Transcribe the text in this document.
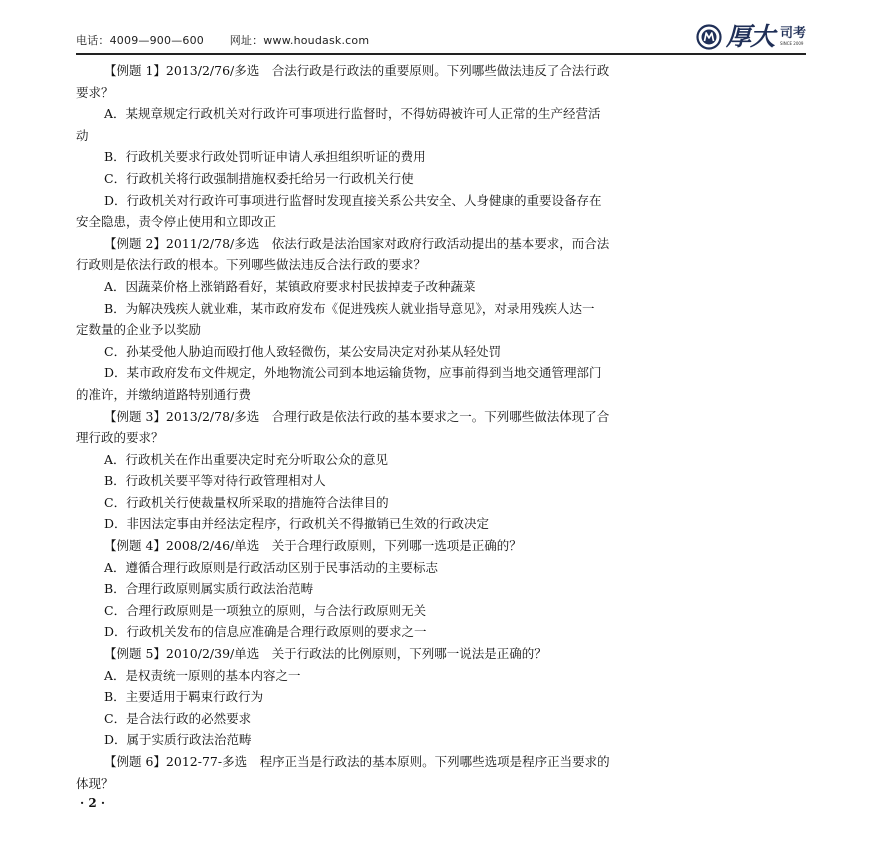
电话：4009—900—600 网址：www.houdask.com	厚大 司考
SINCE 2009
【例题 1】2013/2/76/多选　合法行政是行政法的重要原则。下列哪些做法违反了合法行政
要求？
A．某规章规定行政机关对行政许可事项进行监督时，不得妨碍被许可人正常的生产经营活
动
B．行政机关要求行政处罚听证申请人承担组织听证的费用
C．行政机关将行政强制措施权委托给另一行政机关行使
D．行政机关对行政许可事项进行监督时发现直接关系公共安全、人身健康的重要设备存在
安全隐患，责令停止使用和立即改正
【例题 2】2011/2/78/多选　依法行政是法治国家对政府行政活动提出的基本要求，而合法
行政则是依法行政的根本。下列哪些做法违反合法行政的要求？
A．因蔬菜价格上涨销路看好，某镇政府要求村民拔掉麦子改种蔬菜
B．为解决残疾人就业难，某市政府发布《促进残疾人就业指导意见》，对录用残疾人达一
定数量的企业予以奖励
C．孙某受他人胁迫而殴打他人致轻微伤，某公安局决定对孙某从轻处罚
D．某市政府发布文件规定，外地物流公司到本地运输货物，应事前得到当地交通管理部门
的准许，并缴纳道路特别通行费
【例题 3】2013/2/78/多选　合理行政是依法行政的基本要求之一。下列哪些做法体现了合
理行政的要求？
A．行政机关在作出重要决定时充分听取公众的意见
B．行政机关要平等对待行政管理相对人
C．行政机关行使裁量权所采取的措施符合法律目的
D．非因法定事由并经法定程序，行政机关不得撤销已生效的行政决定
【例题 4】2008/2/46/单选　关于合理行政原则，下列哪一选项是正确的？
A．遵循合理行政原则是行政活动区别于民事活动的主要标志
B．合理行政原则属实质行政法治范畴
C．合理行政原则是一项独立的原则，与合法行政原则无关
D．行政机关发布的信息应准确是合理行政原则的要求之一
【例题 5】2010/2/39/单选　关于行政法的比例原则，下列哪一说法是正确的？
A．是权责统一原则的基本内容之一
B．主要适用于羁束行政行为
C．是合法行政的必然要求
D．属于实质行政法治范畴
【例题 6】2012-77-多选　程序正当是行政法的基本原则。下列哪些选项是程序正当要求的
体现？
· 2 ·
